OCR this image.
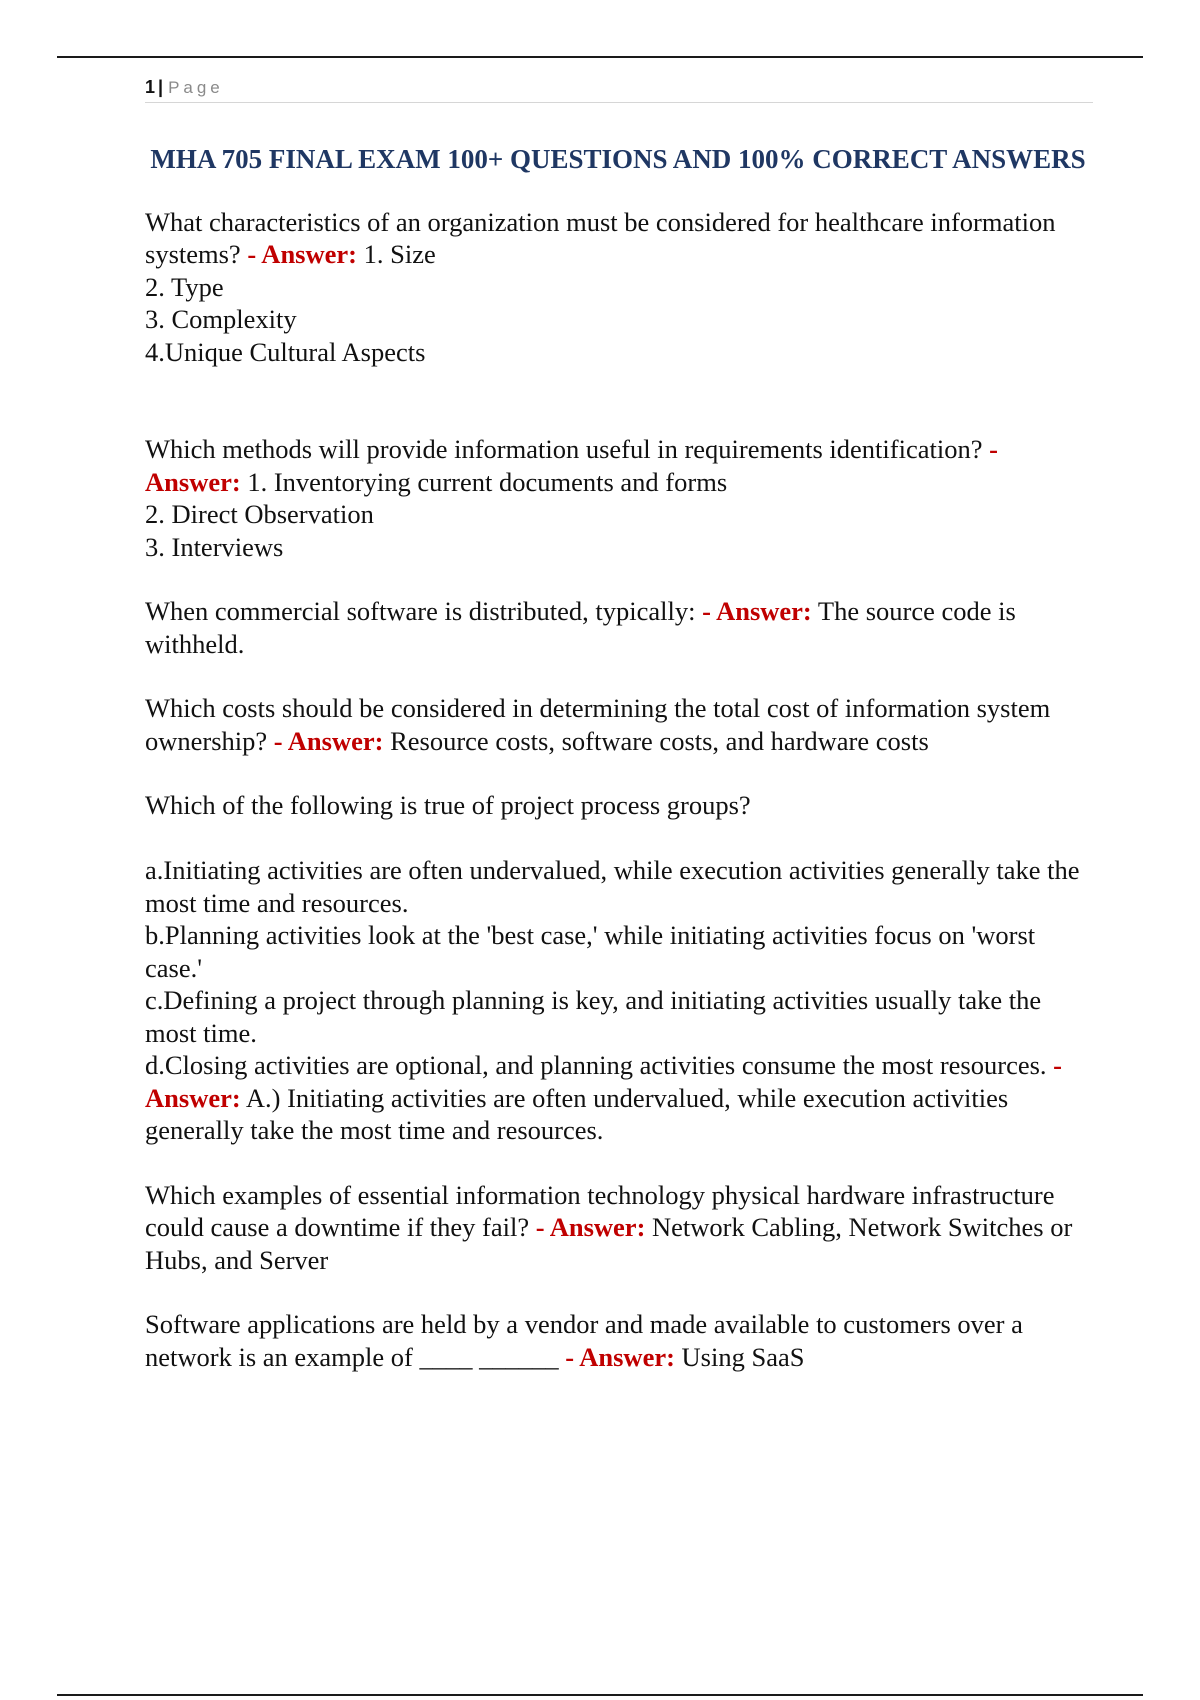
1 | Page
MHA 705 FINAL EXAM 100+ QUESTIONS AND 100% CORRECT ANSWERS
What characteristics of an organization must be considered for healthcare information systems? - Answer: 1. Size
2. Type
3. Complexity
4.Unique Cultural Aspects
Which methods will provide information useful in requirements identification? - Answer: 1. Inventorying current documents and forms
2. Direct Observation
3. Interviews
When commercial software is distributed, typically: - Answer: The source code is withheld.
Which costs should be considered in determining the total cost of information system ownership? - Answer: Resource costs, software costs, and hardware costs
Which of the following is true of project process groups?
a.Initiating activities are often undervalued, while execution activities generally take the most time and resources.
b.Planning activities look at the 'best case,' while initiating activities focus on 'worst case.'
c.Defining a project through planning is key, and initiating activities usually take the most time.
d.Closing activities are optional, and planning activities consume the most resources. - Answer: A.) Initiating activities are often undervalued, while execution activities generally take the most time and resources.
Which examples of essential information technology physical hardware infrastructure could cause a downtime if they fail? - Answer: Network Cabling, Network Switches or Hubs, and Server
Software applications are held by a vendor and made available to customers over a network is an example of ____ ______ - Answer: Using SaaS
